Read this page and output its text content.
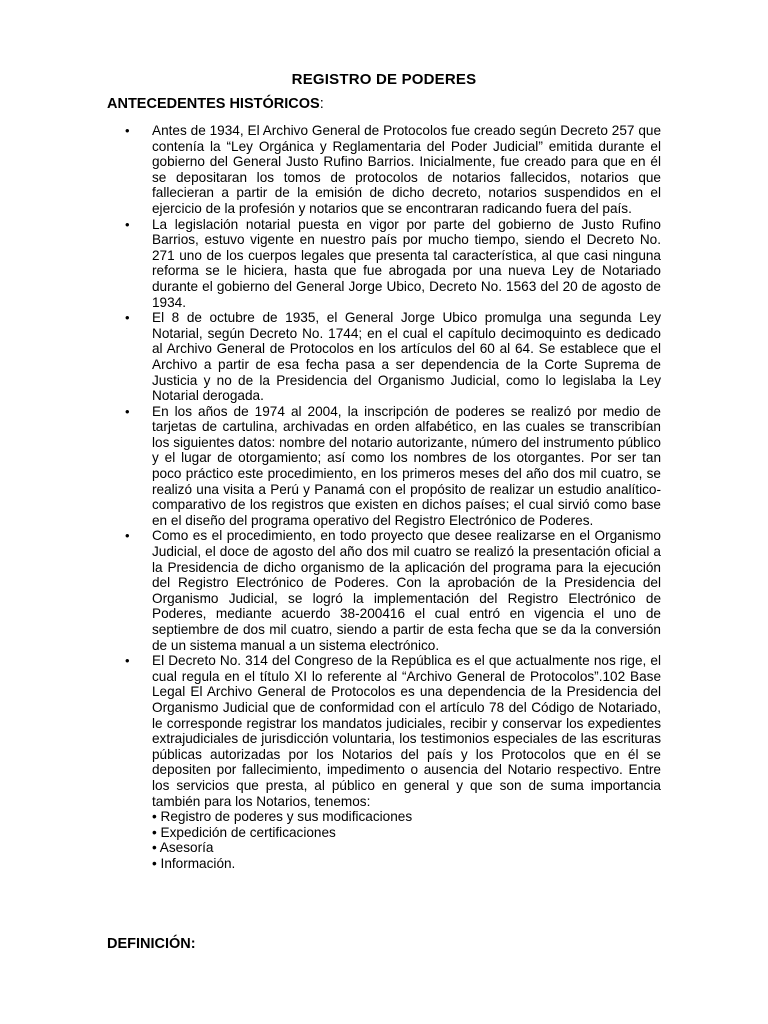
REGISTRO DE PODERES
ANTECEDENTES HISTÓRICOS:
• Antes de 1934, El Archivo General de Protocolos fue creado según Decreto 257 que contenía la “Ley Orgánica y Reglamentaria del Poder Judicial” emitida durante el gobierno del General Justo Rufino Barrios. Inicialmente, fue creado para que en él se depositaran los tomos de protocolos de notarios fallecidos, notarios que fallecieran a partir de la emisión de dicho decreto, notarios suspendidos en el ejercicio de la profesión y notarios que se encontraran radicando fuera del país.
• La legislación notarial puesta en vigor por parte del gobierno de Justo Rufino Barrios, estuvo vigente en nuestro país por mucho tiempo, siendo el Decreto No. 271 uno de los cuerpos legales que presenta tal característica, al que casi ninguna reforma se le hiciera, hasta que fue abrogada por una nueva Ley de Notariado durante el gobierno del General Jorge Ubico, Decreto No. 1563 del 20 de agosto de 1934.
• El 8 de octubre de 1935, el General Jorge Ubico promulga una segunda Ley Notarial, según Decreto No. 1744; en el cual el capítulo decimoquinto es dedicado al Archivo General de Protocolos en los artículos del 60 al 64. Se establece que el Archivo a partir de esa fecha pasa a ser dependencia de la Corte Suprema de Justicia y no de la Presidencia del Organismo Judicial, como lo legislaba la Ley Notarial derogada.
• En los años de 1974 al 2004, la inscripción de poderes se realizó por medio de tarjetas de cartulina, archivadas en orden alfabético, en las cuales se transcribían los siguientes datos: nombre del notario autorizante, número del instrumento público y el lugar de otorgamiento; así como los nombres de los otorgantes. Por ser tan poco práctico este procedimiento, en los primeros meses del año dos mil cuatro, se realizó una visita a Perú y Panamá con el propósito de realizar un estudio analítico-comparativo de los registros que existen en dichos países; el cual sirvió como base en el diseño del programa operativo del Registro Electrónico de Poderes.
• Como es el procedimiento, en todo proyecto que desee realizarse en el Organismo Judicial, el doce de agosto del año dos mil cuatro se realizó la presentación oficial a la Presidencia de dicho organismo de la aplicación del programa para la ejecución del Registro Electrónico de Poderes. Con la aprobación de la Presidencia del Organismo Judicial, se logró la implementación del Registro Electrónico de Poderes, mediante acuerdo 38-200416 el cual entró en vigencia el uno de septiembre de dos mil cuatro, siendo a partir de esta fecha que se da la conversión de un sistema manual a un sistema electrónico.
• El Decreto No. 314 del Congreso de la República es el que actualmente nos rige, el cual regula en el título XI lo referente al “Archivo General de Protocolos”.102 Base Legal El Archivo General de Protocolos es una dependencia de la Presidencia del Organismo Judicial que de conformidad con el artículo 78 del Código de Notariado, le corresponde registrar los mandatos judiciales, recibir y conservar los expedientes extrajudiciales de jurisdicción voluntaria, los testimonios especiales de las escrituras públicas autorizadas por los Notarios del país y los Protocolos que en él se depositen por fallecimiento, impedimento o ausencia del Notario respectivo. Entre los servicios que presta, al público en general y que son de suma importancia también para los Notarios, tenemos:
• Registro de poderes y sus modificaciones
• Expedición de certificaciones
• Asesoría
• Información.
DEFINICIÓN:
